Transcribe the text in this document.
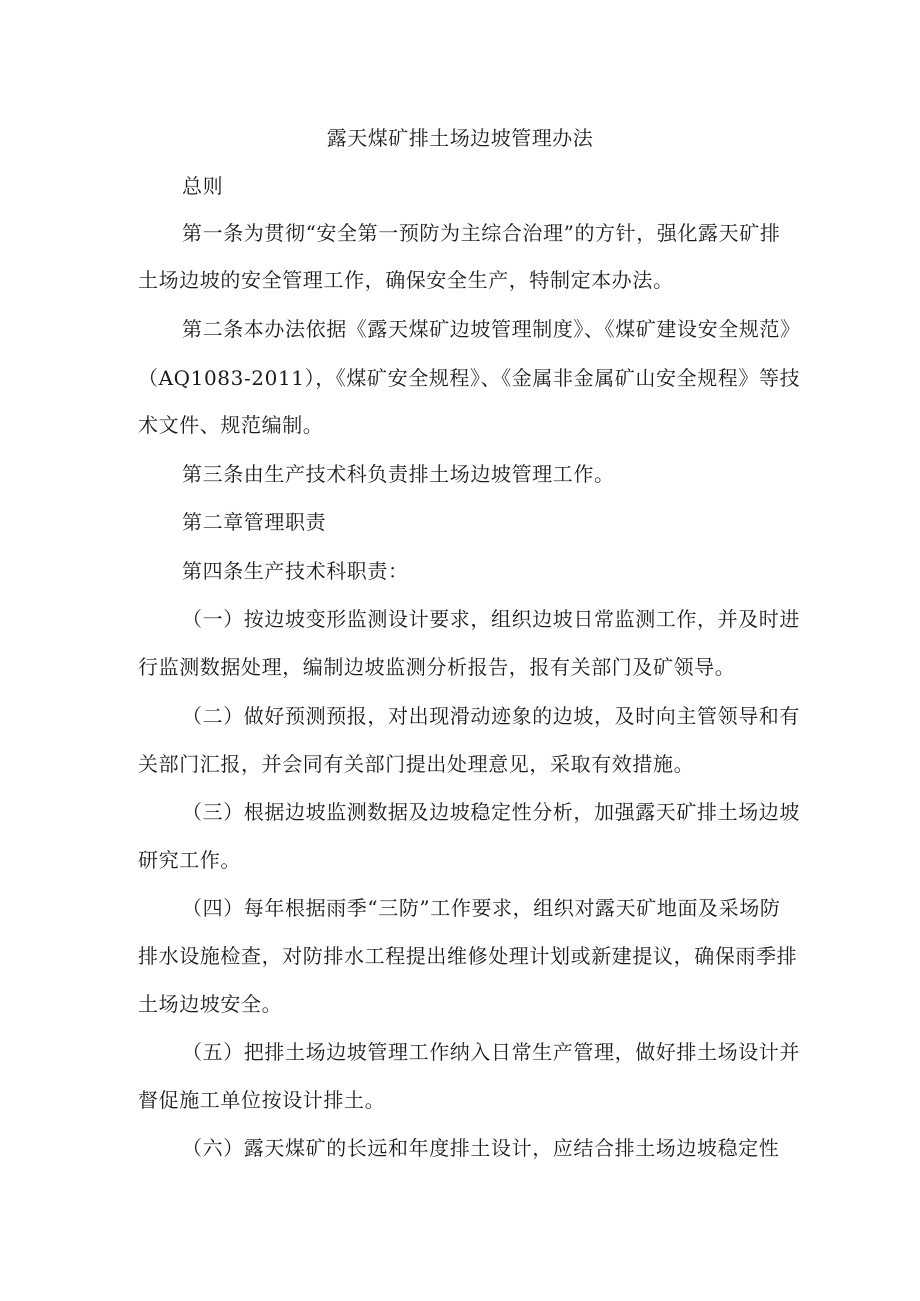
露天煤矿排土场边坡管理办法
总则
第一条为贯彻“安全第一预防为主综合治理”的方针，强化露天矿排
土场边坡的安全管理工作，确保安全生产，特制定本办法。
第二条本办法依据《露天煤矿边坡管理制度》、《煤矿建设安全规范》
（AQ1083-2011），《煤矿安全规程》、《金属非金属矿山安全规程》等技
术文件、规范编制。
第三条由生产技术科负责排土场边坡管理工作。
第二章管理职责
第四条生产技术科职责：
（一）按边坡变形监测设计要求，组织边坡日常监测工作，并及时进
行监测数据处理，编制边坡监测分析报告，报有关部门及矿领导。
（二）做好预测预报，对出现滑动迹象的边坡，及时向主管领导和有
关部门汇报，并会同有关部门提出处理意见，采取有效措施。
（三）根据边坡监测数据及边坡稳定性分析，加强露天矿排土场边坡
研究工作。
（四）每年根据雨季“三防”工作要求，组织对露天矿地面及采场防
排水设施检查，对防排水工程提出维修处理计划或新建提议，确保雨季排
土场边坡安全。
（五）把排土场边坡管理工作纳入日常生产管理，做好排土场设计并
督促施工单位按设计排土。
（六）露天煤矿的长远和年度排土设计，应结合排土场边坡稳定性
